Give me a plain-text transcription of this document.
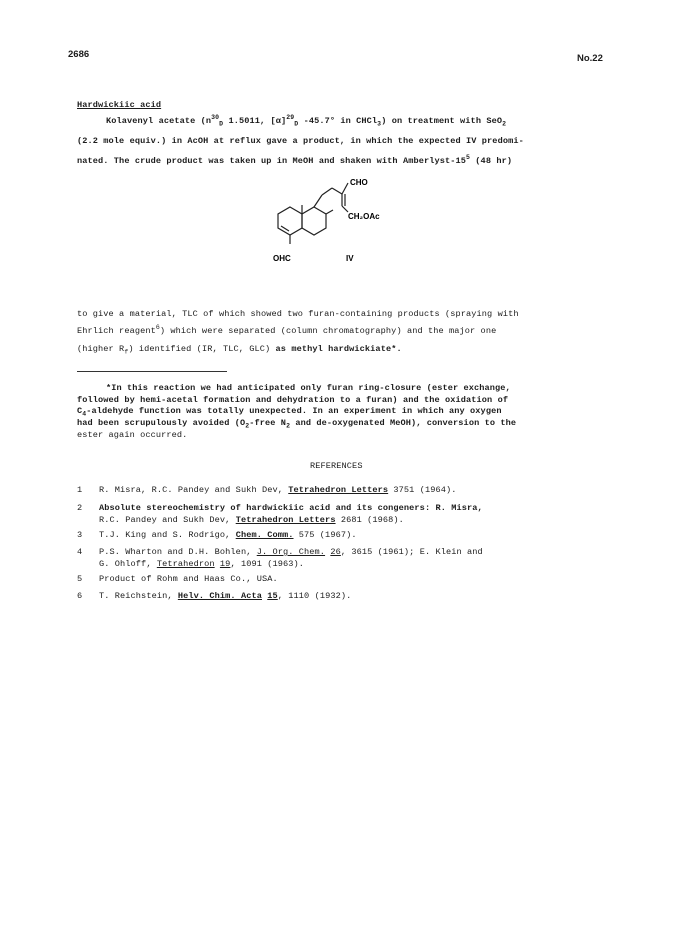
2686	No.22
Hardwickiic acid
Kolavenyl acetate ($n^{30}_D$ 1.5011, $[\alpha]^{29}_D$ -45.7° in CHCl$_3$) on treatment with SeO$_2$
(2.2 mole equiv.) in AcOH at reflux gave a product, in which the expected IV predomi-
nated. The crude product was taken up in MeOH and shaken with Amberlyst-$15^5$ (48 hr)
CHO
CH₂OAc
OHC	IV
to give a material, TLC of which showed two furan-containing products (spraying with
Ehrlich reagent$^6$) which were separated (column chromatography) and the major one
(higher $R_f$) identified (IR, TLC, GLC) as methyl hardwickiate*.
*In this reaction we had anticipated only furan ring-closure (ester exchange,
followed by hemi-acetal formation and dehydration to a furan) and the oxidation of
$C_4$-aldehyde function was totally unexpected. In an experiment in which any oxygen
had been scrupulously avoided ($O_2$-free $N_2$ and de-oxygenated MeOH), conversion to the
ester again occurred.
REFERENCES
1 R. Misra, R.C. Pandey and Sukh Dev, Tetrahedron Letters 3751 (1964).
2 Absolute stereochemistry of hardwickiic acid and its congeners: R. Misra,
R.C. Pandey and Sukh Dev, Tetrahedron Letters 2681 (1968).
3 T.J. King and S. Rodrigo, Chem. Comm. 575 (1967).
4 P.S. Wharton and D.H. Bohlen, J. Org. Chem. 26, 3615 (1961); E. Klein and
G. Ohloff, Tetrahedron 19, 1091 (1963).
5 Product of Rohm and Haas Co., USA.
6 T. Reichstein, Helv. Chim. Acta 15, 1110 (1932).
